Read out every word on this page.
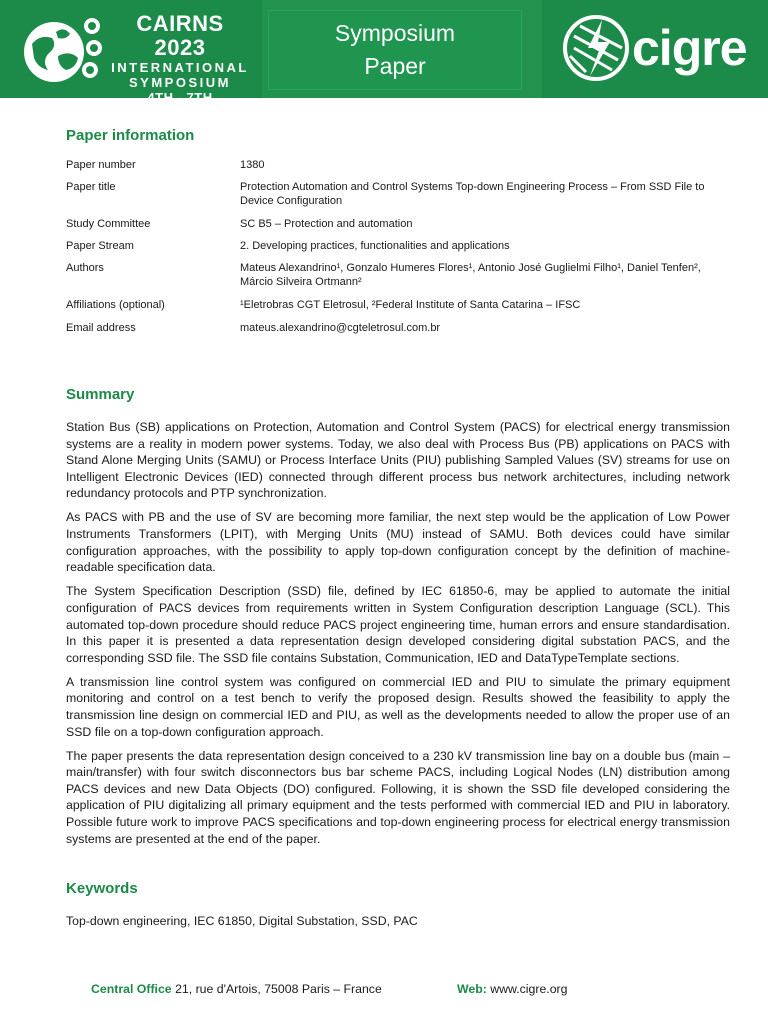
CAIRNS 2023
INTERNATIONAL
SYMPOSIUM
4TH - 7TH SEPTEMBER
Symposium
Paper	cigre
Paper information
Paper number	1380
Paper title	Protection Automation and Control Systems Top-down Engineering Process – From SSD File to Device Configuration
Study Committee	SC B5 – Protection and automation
Paper Stream	2. Developing practices, functionalities and applications
Authors	Mateus Alexandrino¹, Gonzalo Humeres Flores¹, Antonio José Guglielmi Filho¹, Daniel Tenfen², Márcio Silveira Ortmann²
Affiliations (optional)	¹Eletrobras CGT Eletrosul, ²Federal Institute of Santa Catarina – IFSC
Email address	mateus.alexandrino@cgteletrosul.com.br
Summary

Station Bus (SB) applications on Protection, Automation and Control System (PACS) for electrical energy transmission systems are a reality in modern power systems. Today, we also deal with Process Bus (PB) applications on PACS with Stand Alone Merging Units (SAMU) or Process Interface Units (PIU) publishing Sampled Values (SV) streams for use on Intelligent Electronic Devices (IED) connected through different process bus network architectures, including network redundancy protocols and PTP synchronization.

As PACS with PB and the use of SV are becoming more familiar, the next step would be the application of Low Power Instruments Transformers (LPIT), with Merging Units (MU) instead of SAMU. Both devices could have similar configuration approaches, with the possibility to apply top-down configuration concept by the definition of machine-readable specification data.

The System Specification Description (SSD) file, defined by IEC 61850-6, may be applied to automate the initial configuration of PACS devices from requirements written in System Configuration description Language (SCL). This automated top-down procedure should reduce PACS project engineering time, human errors and ensure standardisation. In this paper it is presented a data representation design developed considering digital substation PACS, and the corresponding SSD file. The SSD file contains Substation, Communication, IED and DataTypeTemplate sections.

A transmission line control system was configured on commercial IED and PIU to simulate the primary equipment monitoring and control on a test bench to verify the proposed design. Results showed the feasibility to apply the transmission line design on commercial IED and PIU, as well as the developments needed to allow the proper use of an SSD file on a top-down configuration approach.

The paper presents the data representation design conceived to a 230 kV transmission line bay on a double bus (main – main/transfer) with four switch disconnectors bus bar scheme PACS, including Logical Nodes (LN) distribution among PACS devices and new Data Objects (DO) configured. Following, it is shown the SSD file developed considering the application of PIU digitalizing all primary equipment and the tests performed with commercial IED and PIU in laboratory. Possible future work to improve PACS specifications and top-down engineering process for electrical energy transmission systems are presented at the end of the paper.

Keywords
Top-down engineering, IEC 61850, Digital Substation, SSD, PAC
Central Office 21, rue d'Artois, 75008 Paris – France	Web: www.cigre.org
